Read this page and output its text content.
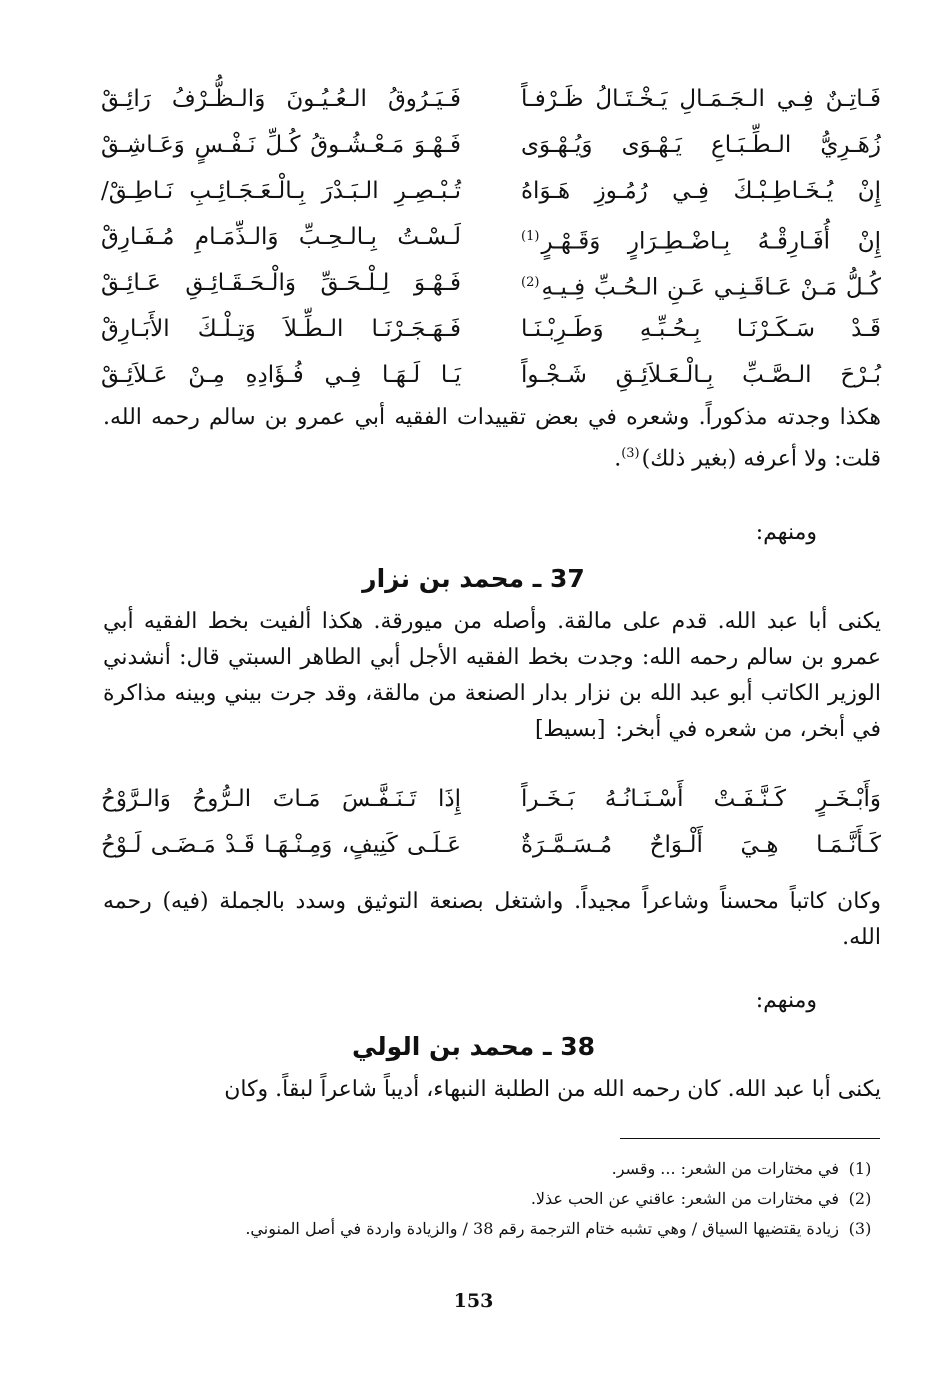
فَـاتِـنٌ فِـي الـجَـمَـالِ يَـخْـتَـالُ ظَـرْفـاً
فَـيَـرُوقُ الـعُـيُـونَ وَالـظُّـرْفُ رَائِـقْ
زُهَـرِيُّ الـطِّـبَـاعِ يَـهْـوَى وَيُـهْـوَى
فَـهْـوَ مَـعْـشُـوقُ كُـلِّ نَـفْـسٍ وَعَـاشِـقْ
إِنْ يُـخَـاطِـبْـكَ فِـي رُمُـوزِ هَـوَاهُ
تُـبْـصِـرِ الـبَـدْرَ بِـالْـعَـجَـائِـبِ نَـاطِـقْ/
إِنْ أُفَـارِقْـهُ بِـاضْـطِـرَارٍ وَقَـهْـرٍ$^{(1)}$
لَـسْـتُ بِـالـحِـبِّ وَالـذِّمَـامِ مُـفَـارِقْ
كُـلُّ مَـنْ عَـاقَـنِـي عَـنِ الـحُـبِّ فِـيـهِ$^{(2)}$
فَـهْـوَ لِـلْـحَـقِّ وَالْـحَـقَـائِـقِ عَـائِـقْ
قَـدْ سَـكَـرْنَـا بِـحُـبِّـهِ وَطَـرِبْـنَـا
فَـهَـجَـرْنَـا الـطِّـلاَ وَتِـلْـكَ الأَبَـارِقْ
بُـرْحَ الـصَّـبِّ بِـالْـعَـلاَئِـقِ شَـجْـواً
يَـا لَـهَـا فِـي فُـؤَادِهِ مِـنْ عَـلاَئِـقْ

هكذا وجدته مذكوراً. وشعره في بعض تقييدات الفقيه أبي عمرو بن سالم رحمه الله. قلت: ولا أعرفه (بغير ذلك)$^{(3)}$.

ومنهم:
37 ـ محمد بن نزار

يكنى أبا عبد الله. قدم على مالقة. وأصله من ميورقة. هكذا ألفيت بخط الفقيه أبي عمرو بن سالم رحمه الله: وجدت بخط الفقيه الأجل أبي الطاهر السبتي قال: أنشدني الوزير الكاتب أبو عبد الله بن نزار بدار الصنعة من مالقة، وقد جرت بيني وبينه مذاكرة في أبخر، من شعره في أبخر:[بسيط]

وَأَبْـخَـرٍ كَـنَّـفَـتْ أَسْـنَـانُـهُ بَـخَـراً
إِذَا تَـنَـفَّـسَ مَـاتَ الـرُّوحُ وَالـرَّوْحُ
كَـأَنَّـمَـا هِـيَ أَلْـوَاحٌ مُـسَـمَّـرَةٌ
عَـلَـى كَنِيفٍ، وَمِـنْـهَـا قَـدْ مَـضَـى لَـوْحُ

وكان كاتباً محسناً وشاعراً مجيداً. واشتغل بصنعة التوثيق وسدد بالجملة (فيه) رحمه الله.

ومنهم:
38 ـ محمد بن الولي

يكنى أبا عبد الله. كان رحمه الله من الطلبة النبهاء، أديباً شاعراً لبقاً. وكان

(1)
في مختارات من الشعر: ... وقسر.
(2)
في مختارات من الشعر: عاقني عن الحب عذلا.
(3)
زيادة يقتضيها السياق / وهي تشبه ختام الترجمة رقم 38 / والزيادة واردة في أصل المنوني.
153
